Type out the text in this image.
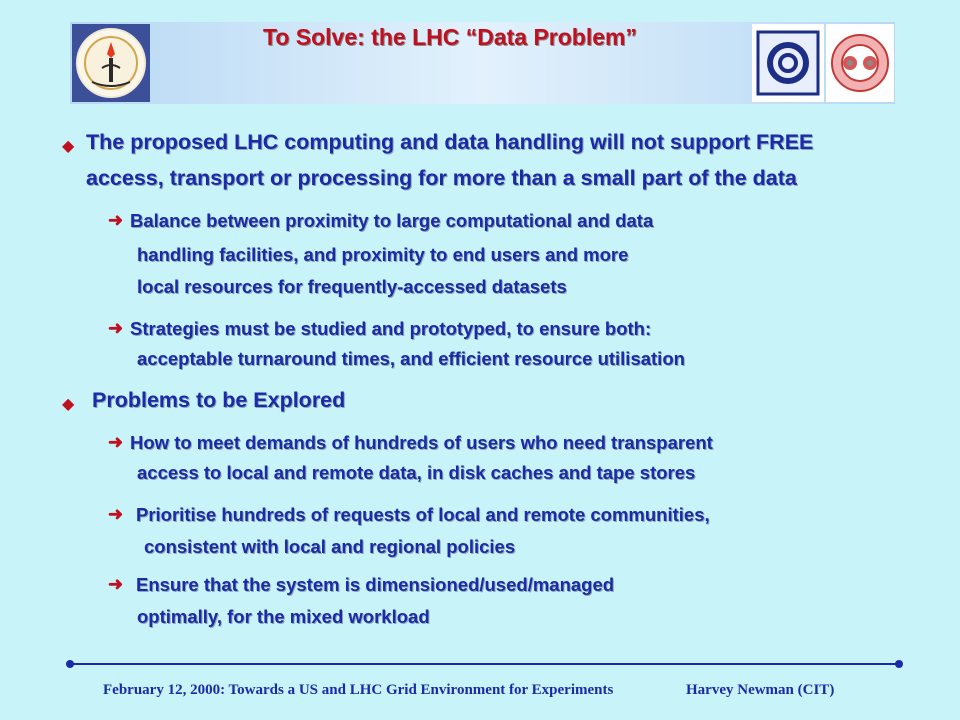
To Solve: the LHC “Data Problem”
◆ The proposed LHC computing and data handling will not support FREE
access, transport or processing for more than a small part of the data
➜ Balance between proximity to large computational and data
handling facilities, and proximity to end users and more
local resources for frequently-accessed datasets
➜ Strategies must be studied and prototyped, to ensure both:
acceptable turnaround times, and efficient resource utilisation
◆ Problems to be Explored
➜ How to meet demands of hundreds of users who need transparent
access to local and remote data, in disk caches and tape stores
➜ Prioritise hundreds of requests of local and remote communities,
consistent with local and regional policies
➜ Ensure that the system is dimensioned/used/managed
optimally, for the mixed workload
February 12, 2000: Towards a US and LHC Grid Environment for Experiments	Harvey Newman (CIT)
